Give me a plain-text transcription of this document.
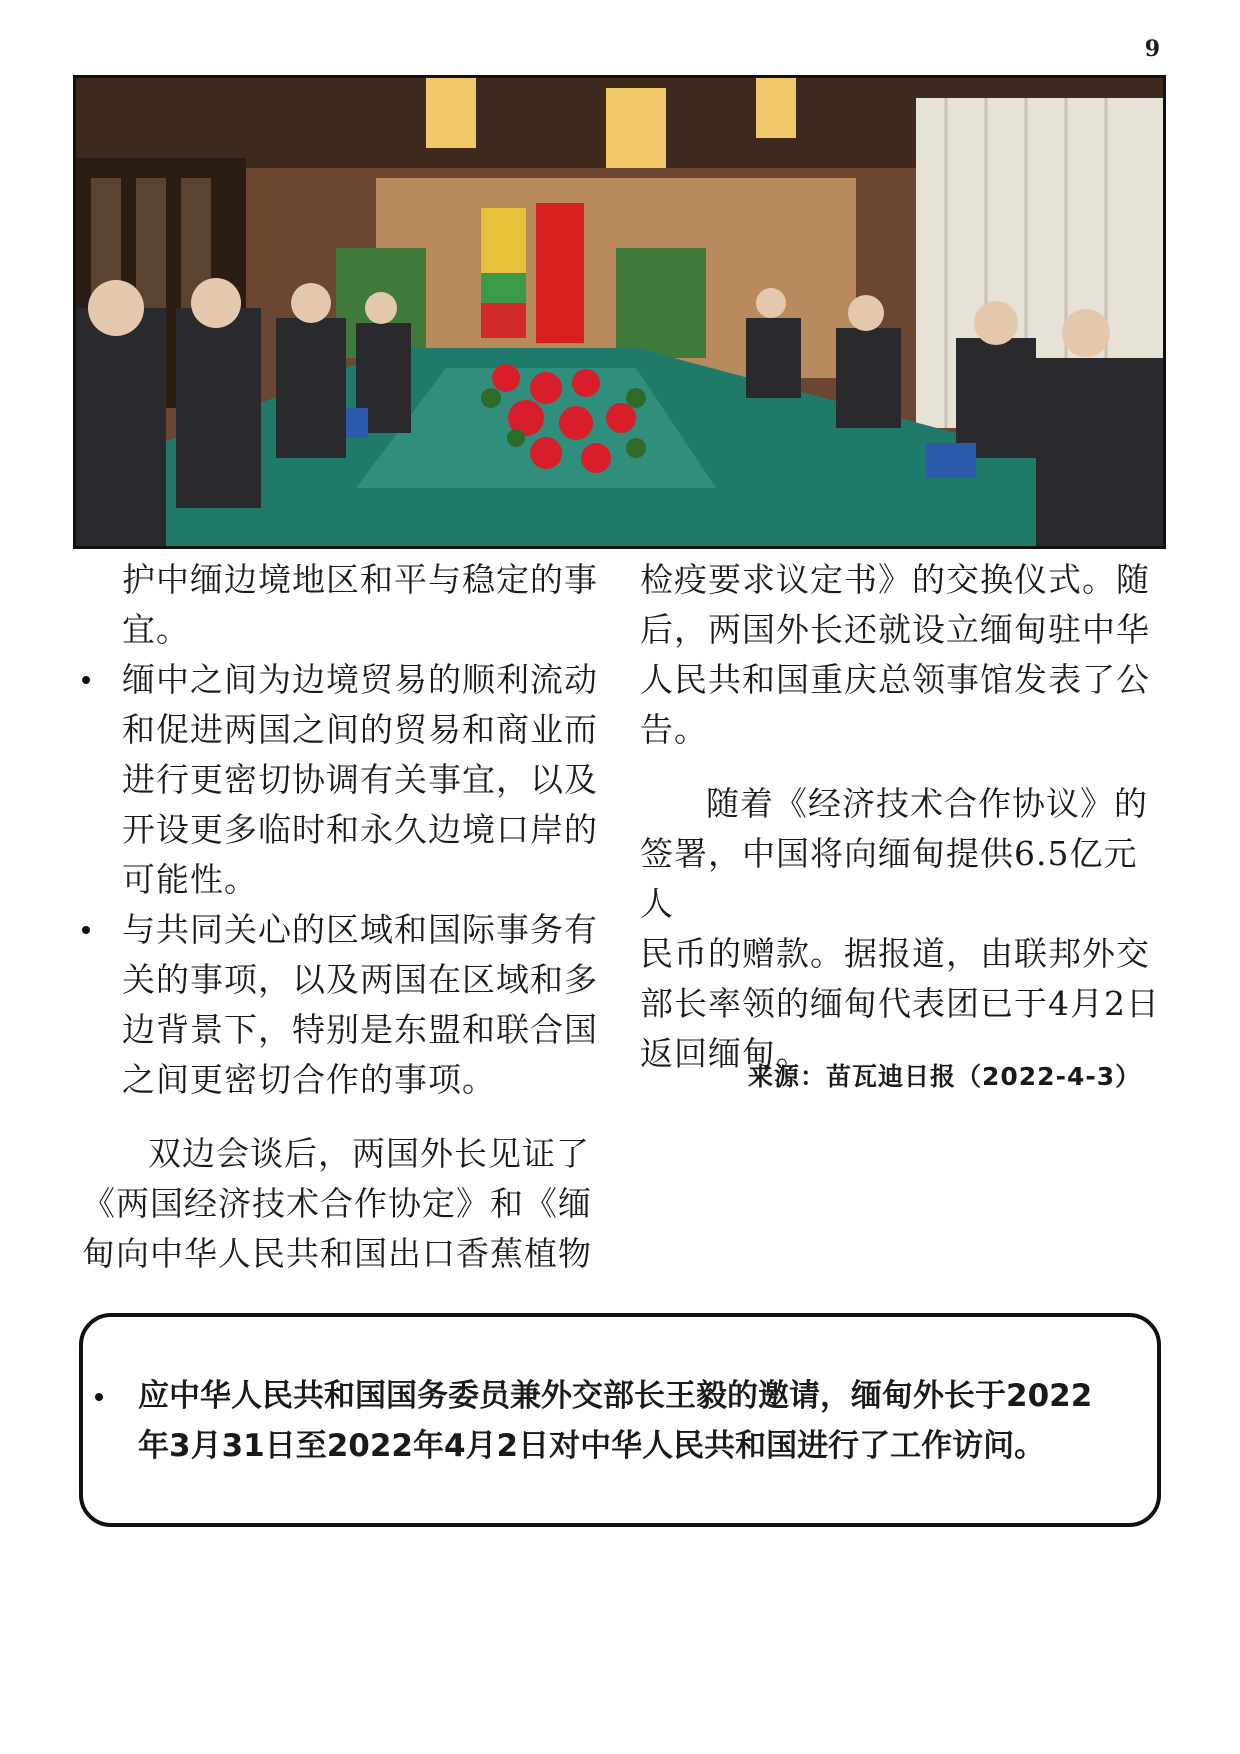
9
护中缅边境地区和平与稳定的事
宜。
缅中之间为边境贸易的顺利流动
和促进两国之间的贸易和商业而
进行更密切协调有关事宜，以及
开设更多临时和永久边境口岸的
可能性。
与共同关心的区域和国际事务有
关的事项，以及两国在区域和多
边背景下，特别是东盟和联合国
之间更密切合作的事项。
双边会谈后，两国外长见证了
《两国经济技术合作协定》和《缅
甸向中华人民共和国出口香蕉植物
检疫要求议定书》的交换仪式。随
后，两国外长还就设立缅甸驻中华
人民共和国重庆总领事馆发表了公
告。
随着《经济技术合作协议》的
签署，中国将向缅甸提供6.5亿元人
民币的赠款。据报道，由联邦外交
部长率领的缅甸代表团已于4月2日
返回缅甸。
来源：苗瓦迪日报（2022-4-3）
应中华人民共和国国务委员兼外交部长王毅的邀请，缅甸外长于2022
年3月31日至2022年4月2日对中华人民共和国进行了工作访问。
